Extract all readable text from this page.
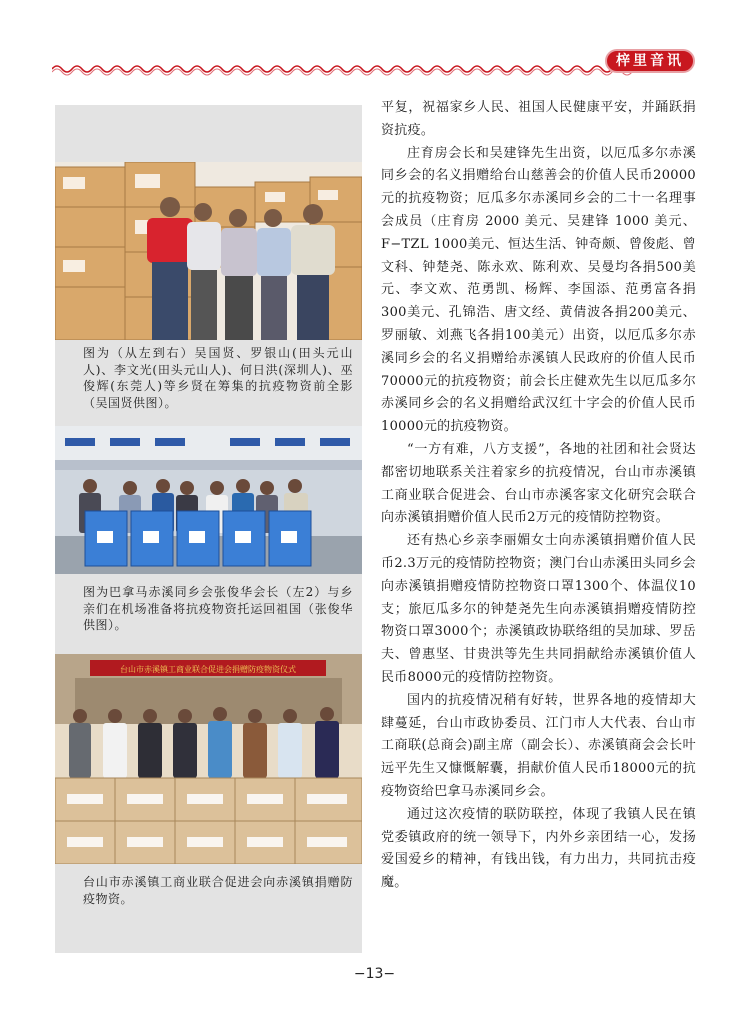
梓里音讯
图为（从左到右）吴国贤、罗银山(田头元山人)、李文光(田头元山人)、何日洪(深圳人)、巫俊辉(东莞人)等乡贤在筹集的抗疫物资前全影（吴国贤供图）。
图为巴拿马赤溪同乡会张俊华会长（左2）与乡亲们在机场准备将抗疫物资托运回祖国（张俊华供图）。
台山市赤溪镇工商业联合促进会捐赠防疫物资仪式
台山市赤溪镇工商业联合促进会向赤溪镇捐赠防疫物资。

平复，祝福家乡人民、祖国人民健康平安，并踊跃捐资抗疫。

庄育房会长和吴建锋先生出资，以厄瓜多尔赤溪同乡会的名义捐赠给台山慈善会的价值人民币20000元的抗疫物资；厄瓜多尔赤溪同乡会的二十一名理事会成员（庄育房 2000 美元、吴建锋 1000 美元、F−TZL 1000美元、恒达生活、钟奇颇、曾俊彪、曾文科、钟楚尧、陈永欢、陈利欢、吴曼均各捐500美元、李文欢、范勇凯、杨辉、李国添、范勇富各捐300美元、孔锦浩、唐文经、黄倩波各捐200美元、罗丽敏、刘燕飞各捐100美元）出资，以厄瓜多尔赤溪同乡会的名义捐赠给赤溪镇人民政府的价值人民币70000元的抗疫物资；前会长庄健欢先生以厄瓜多尔赤溪同乡会的名义捐赠给武汉红十字会的价值人民币10000元的抗疫物资。

“一方有难，八方支援”，各地的社团和社会贤达都密切地联系关注着家乡的抗疫情况，台山市赤溪镇工商业联合促进会、台山市赤溪客家文化研究会联合向赤溪镇捐赠价值人民币2万元的疫情防控物资。

还有热心乡亲李丽媚女士向赤溪镇捐赠价值人民币2.3万元的疫情防控物资；澳门台山赤溪田头同乡会向赤溪镇捐赠疫情防控物资口罩1300个、体温仪10支；旅厄瓜多尔的钟楚尧先生向赤溪镇捐赠疫情防控物资口罩3000个；赤溪镇政协联络组的吴加球、罗岳夫、曾惠坚、甘贵洪等先生共同捐献给赤溪镇价值人民币8000元的疫情防控物资。

国内的抗疫情况稍有好转，世界各地的疫情却大肆蔓延，台山市政协委员、江门市人大代表、台山市工商联(总商会)副主席（副会长）、赤溪镇商会会长叶远平先生又慷慨解囊，捐献价值人民币18000元的抗疫物资给巴拿马赤溪同乡会。

通过这次疫情的联防联控，体现了我镇人民在镇党委镇政府的统一领导下，内外乡亲团结一心，发扬爱国爱乡的精神，有钱出钱，有力出力，共同抗击疫魔。

−13−
